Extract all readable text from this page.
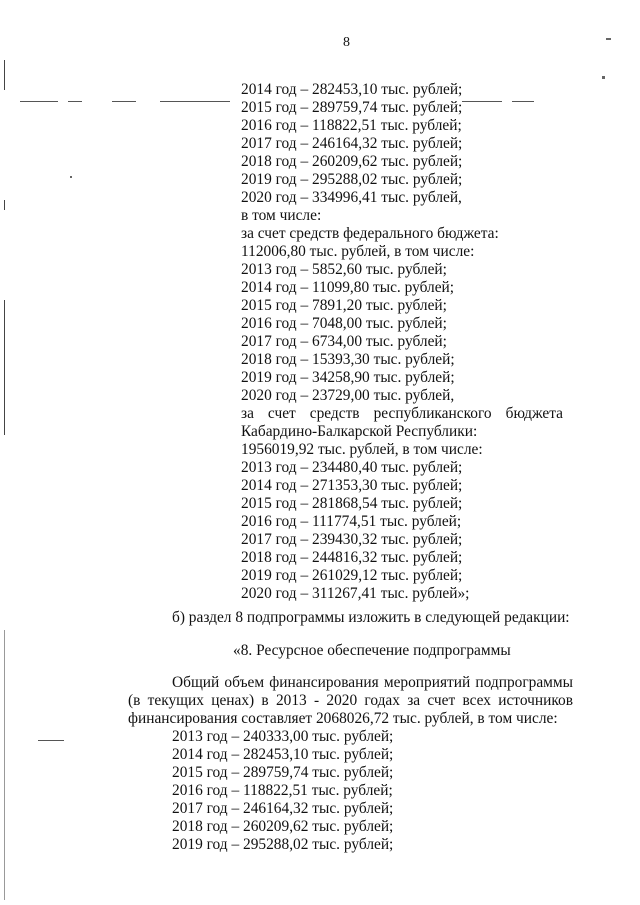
8
2014 год – 282453,10 тыс. рублей;
2015 год – 289759,74 тыс. рублей;
2016 год – 118822,51 тыс. рублей;
2017 год – 246164,32 тыс. рублей;
2018 год – 260209,62 тыс. рублей;
2019 год – 295288,02 тыс. рублей;
2020 год – 334996,41 тыс. рублей,
в том числе:
за счет средств федерального бюджета:
112006,80 тыс. рублей, в том числе:
2013 год – 5852,60 тыс. рублей;
2014 год – 11099,80 тыс. рублей;
2015 год – 7891,20 тыс. рублей;
2016 год – 7048,00 тыс. рублей;
2017 год – 6734,00 тыс. рублей;
2018 год – 15393,30 тыс. рублей;
2019 год – 34258,90 тыс. рублей;
2020 год – 23729,00 тыс. рублей,
за счет средств республиканского бюджета
Кабардино-Балкарской Республики:
1956019,92 тыс. рублей, в том числе:
2013 год – 234480,40 тыс. рублей;
2014 год – 271353,30 тыс. рублей;
2015 год – 281868,54 тыс. рублей;
2016 год – 111774,51 тыс. рублей;
2017 год – 239430,32 тыс. рублей;
2018 год – 244816,32 тыс. рублей;
2019 год – 261029,12 тыс. рублей;
2020 год – 311267,41 тыс. рублей»;
б) раздел 8 подпрограммы изложить в следующей редакции:
«8. Ресурсное обеспечение подпрограммы
Общий объем финансирования мероприятий подпрограммы
(в текущих ценах) в 2013 - 2020 годах за счет всех источников
финансирования составляет 2068026,72 тыс. рублей, в том числе:
2013 год – 240333,00 тыс. рублей;
2014 год – 282453,10 тыс. рублей;
2015 год – 289759,74 тыс. рублей;
2016 год – 118822,51 тыс. рублей;
2017 год – 246164,32 тыс. рублей;
2018 год – 260209,62 тыс. рублей;
2019 год – 295288,02 тыс. рублей;
